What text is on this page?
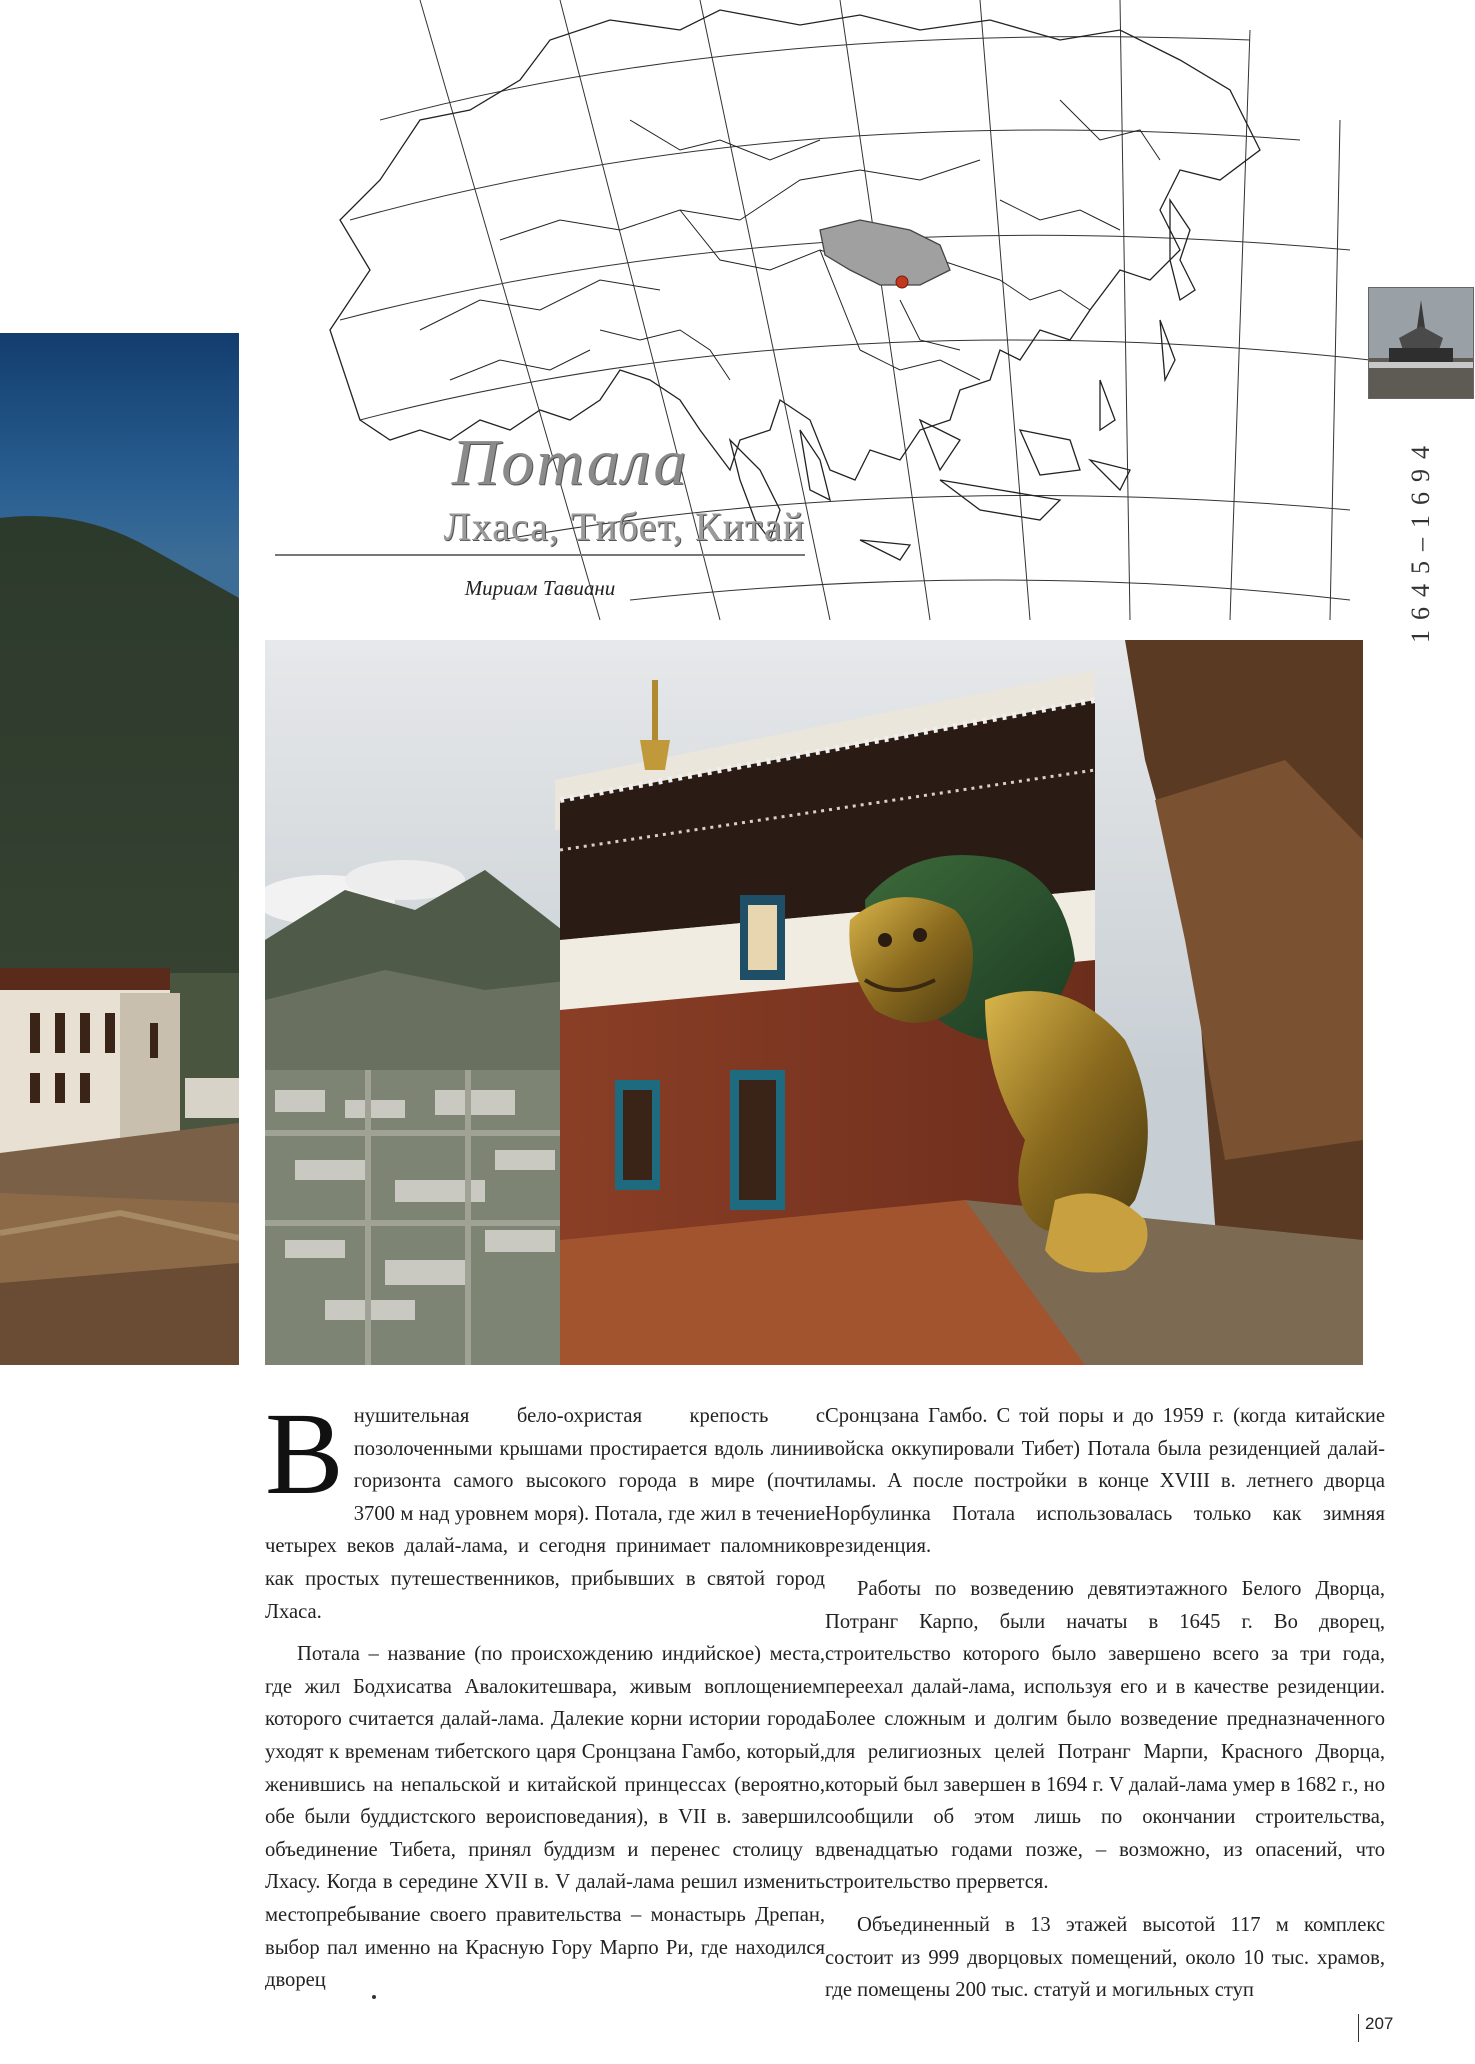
Потала
Лхаса, Тибет, Китай
Мириам Тавиани	1645–1694

В нушительная бело-охристая крепость с позолоченными крышами простирается вдоль линии горизонта самого высокого города в мире (почти 3700 м над уровнем моря). Потала, где жил в течение четырех веков далай-лама, и сегодня принимает паломников как простых путешественников, прибывших в святой город Лхаса.

Потала – название (по происхождению индийское) места, где жил Бодхисатва Авалокитешвара, живым воплощением которого считается далай-лама. Далекие корни истории города уходят к временам тибетского царя Сронцзана Гамбо, который, женившись на непальской и китайской принцессах (вероятно, обе были буддистского вероисповедания), в VII в. завершил объединение Тибета, принял буддизм и перенес столицу в Лхасу. Когда в середине XVII в. V далай-лама решил изменить местопребывание своего правительства – монастырь Дрепан, выбор пал именно на Красную Гору Марпо Ри, где находился дворец

Сронцзана Гамбо. С той поры и до 1959 г. (когда китайские войска оккупировали Тибет) Потала была резиденцией далай-ламы. А после постройки в конце XVIII в. летнего дворца Норбулинка Потала использовалась только как зимняя резиденция.

Работы по возведению девятиэтажного Белого Дворца, Потранг Карпо, были начаты в 1645 г. Во дворец, строительство которого было завершено всего за три года, переехал далай-лама, используя его и в качестве резиденции. Более сложным и долгим было возведение предназначенного для религиозных целей Потранг Марпи, Красного Дворца, который был завершен в 1694 г. V далай-лама умер в 1682 г., но сообщили об этом лишь по окончании строительства, двенадцатью годами позже, – возможно, из опасений, что строительство прервется.

Объединенный в 13 этажей высотой 117 м комплекс состоит из 999 дворцовых помещений, около 10 тыс. храмов, где помещены 200 тыс. статуй и могильных ступ

207
